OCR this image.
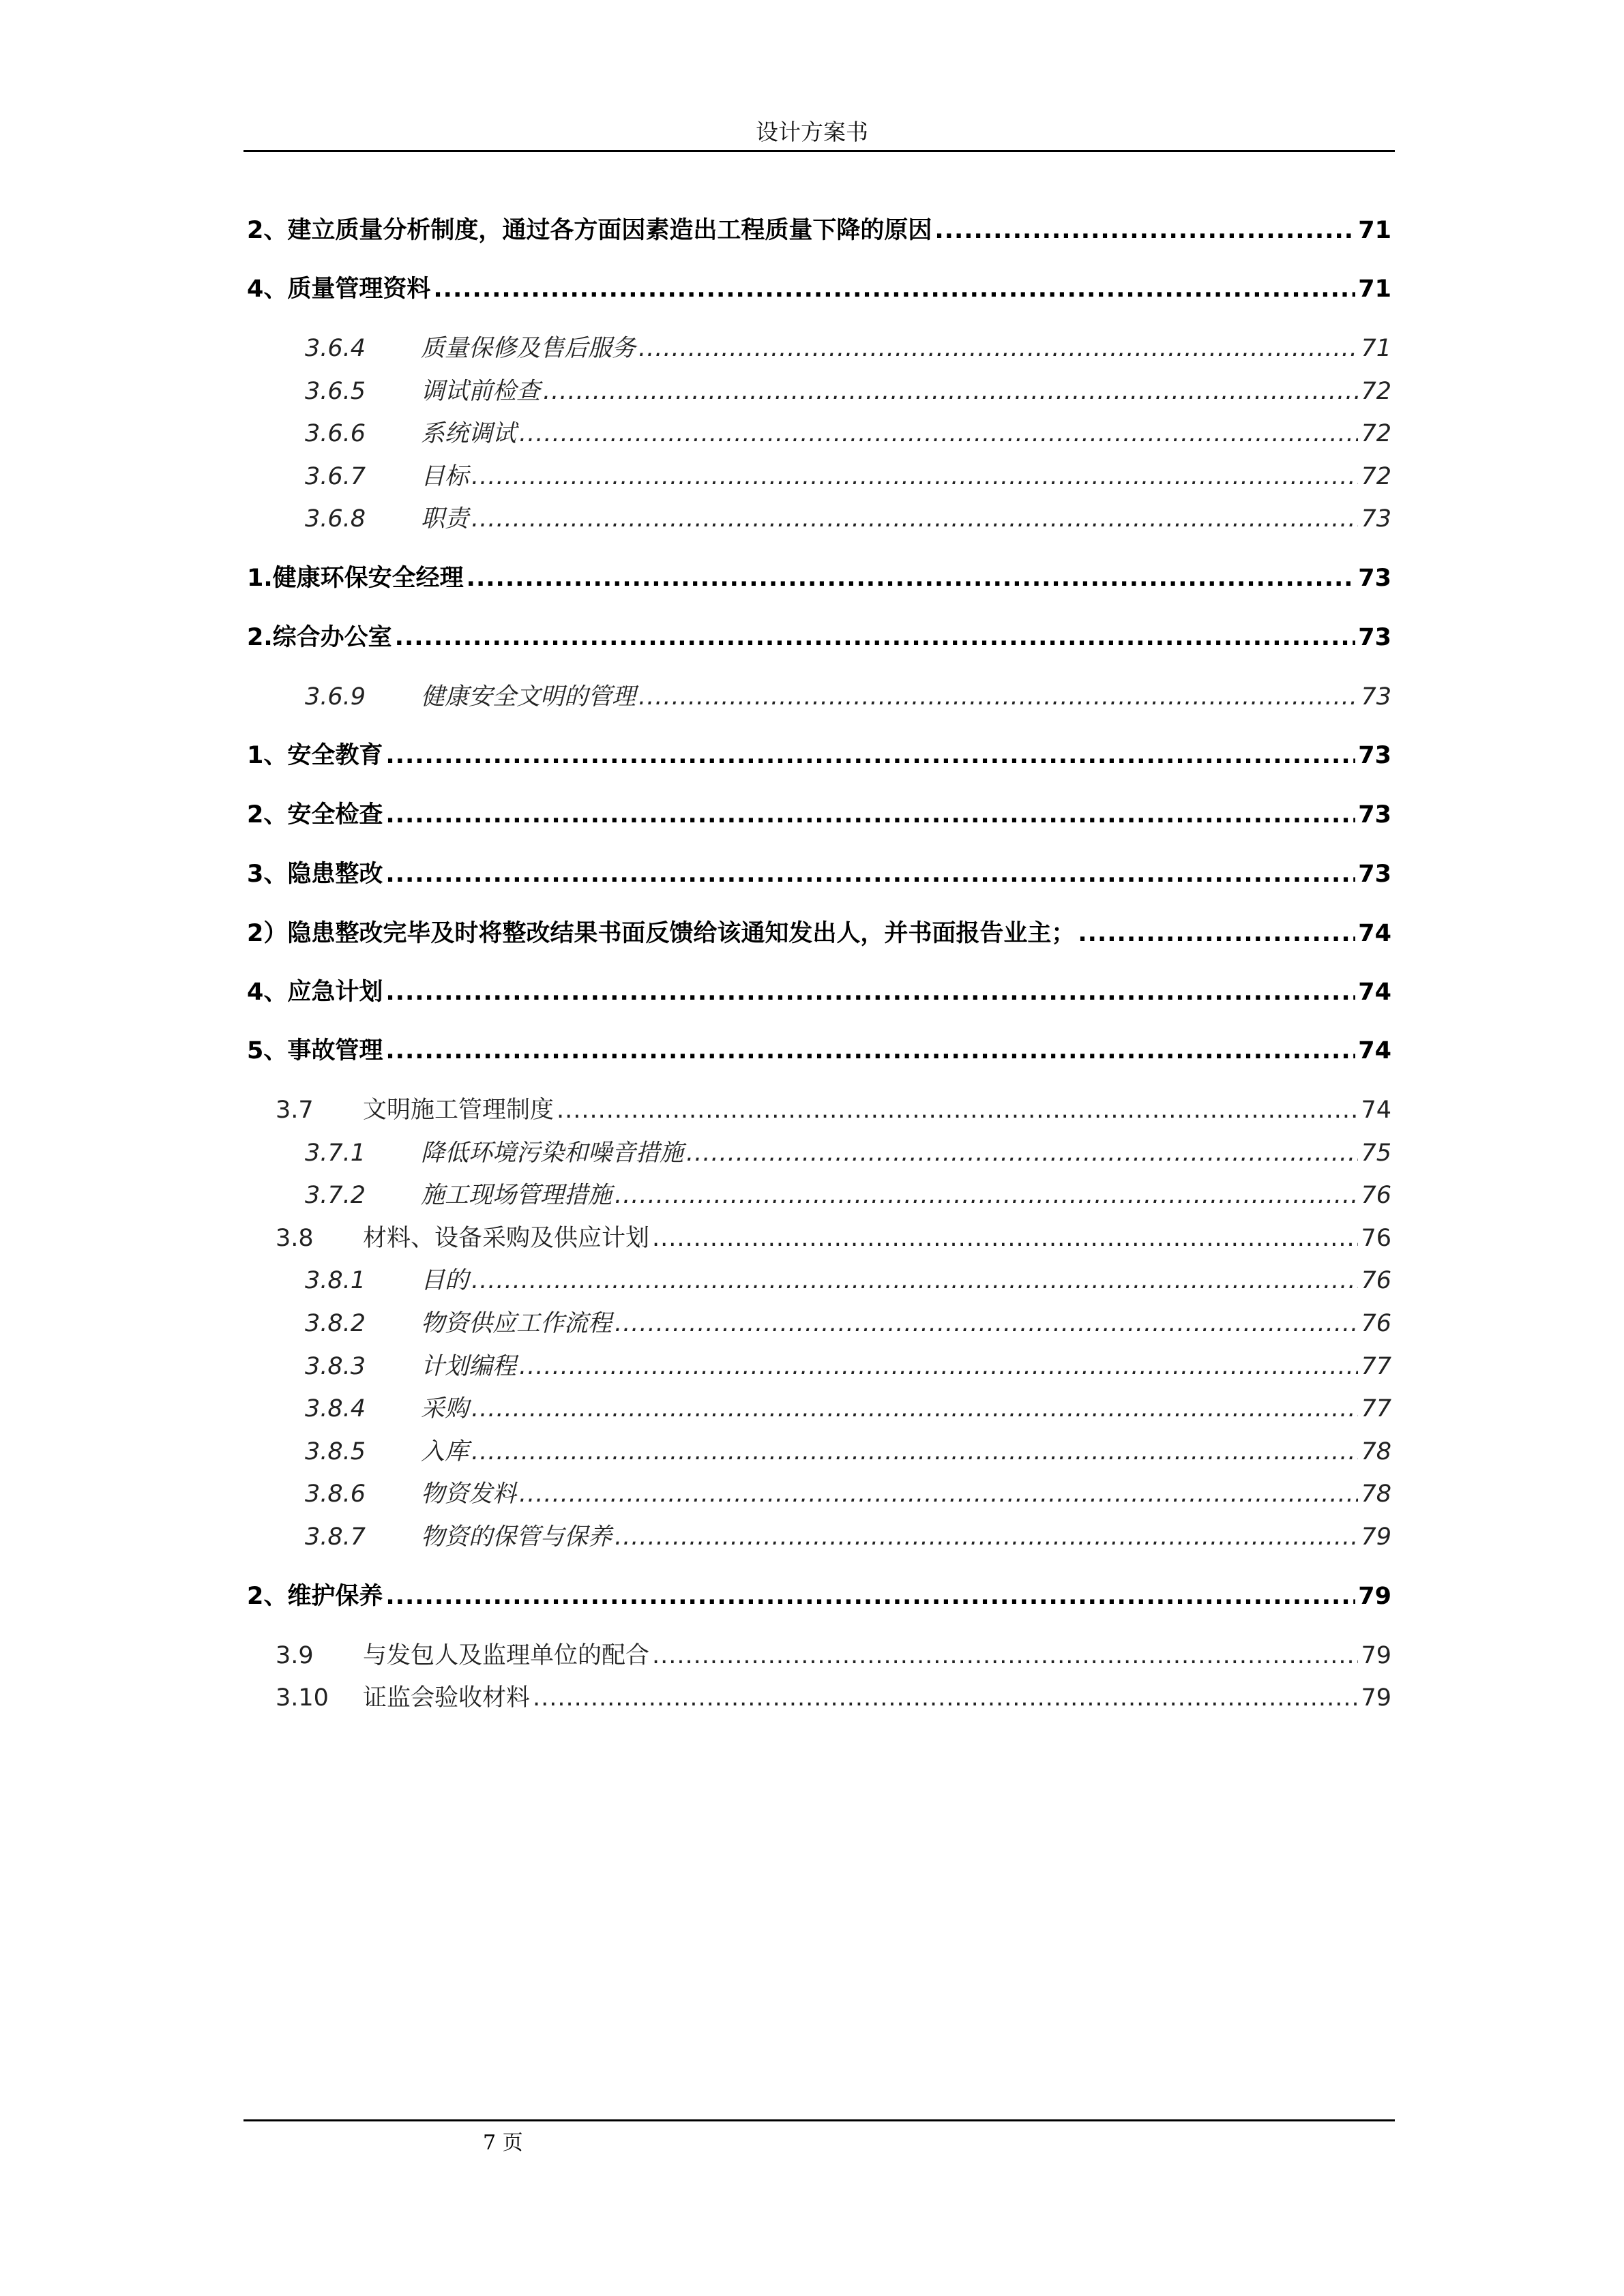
设计方案书
2、建立质量分析制度，通过各方面因素造出工程质量下降的原因 .....	71
4、质量管理资料 .....	71
3.6.4	质量保修及售后服务 .....	71
3.6.5	调试前检查 .....	72
3.6.6	系统调试 .....	72
3.6.7	目标 .....	72
3.6.8	职责 .....	73
1.健康环保安全经理 .....	73
2.综合办公室 .....	73
3.6.9	健康安全文明的管理 .....	73
1、安全教育 .....	73
2、安全检查 .....	73
3、隐患整改 .....	73
2）隐患整改完毕及时将整改结果书面反馈给该通知发出人，并书面报告业主； .....	74
4、应急计划 .....	74
5、事故管理 .....	74
3.7	文明施工管理制度 .....	74
3.7.1	降低环境污染和噪音措施 .....	75
3.7.2	施工现场管理措施 .....	76
3.8	材料、设备采购及供应计划 .....	76
3.8.1	目的 .....	76
3.8.2	物资供应工作流程 .....	76
3.8.3	计划编程 .....	77
3.8.4	采购 .....	77
3.8.5	入库 .....	78
3.8.6	物资发料 .....	78
3.8.7	物资的保管与保养 .....	79
2、维护保养 .....	79
3.9	与发包人及监理单位的配合 .....	79
3.10	证监会验收材料 .....	79
7 页
